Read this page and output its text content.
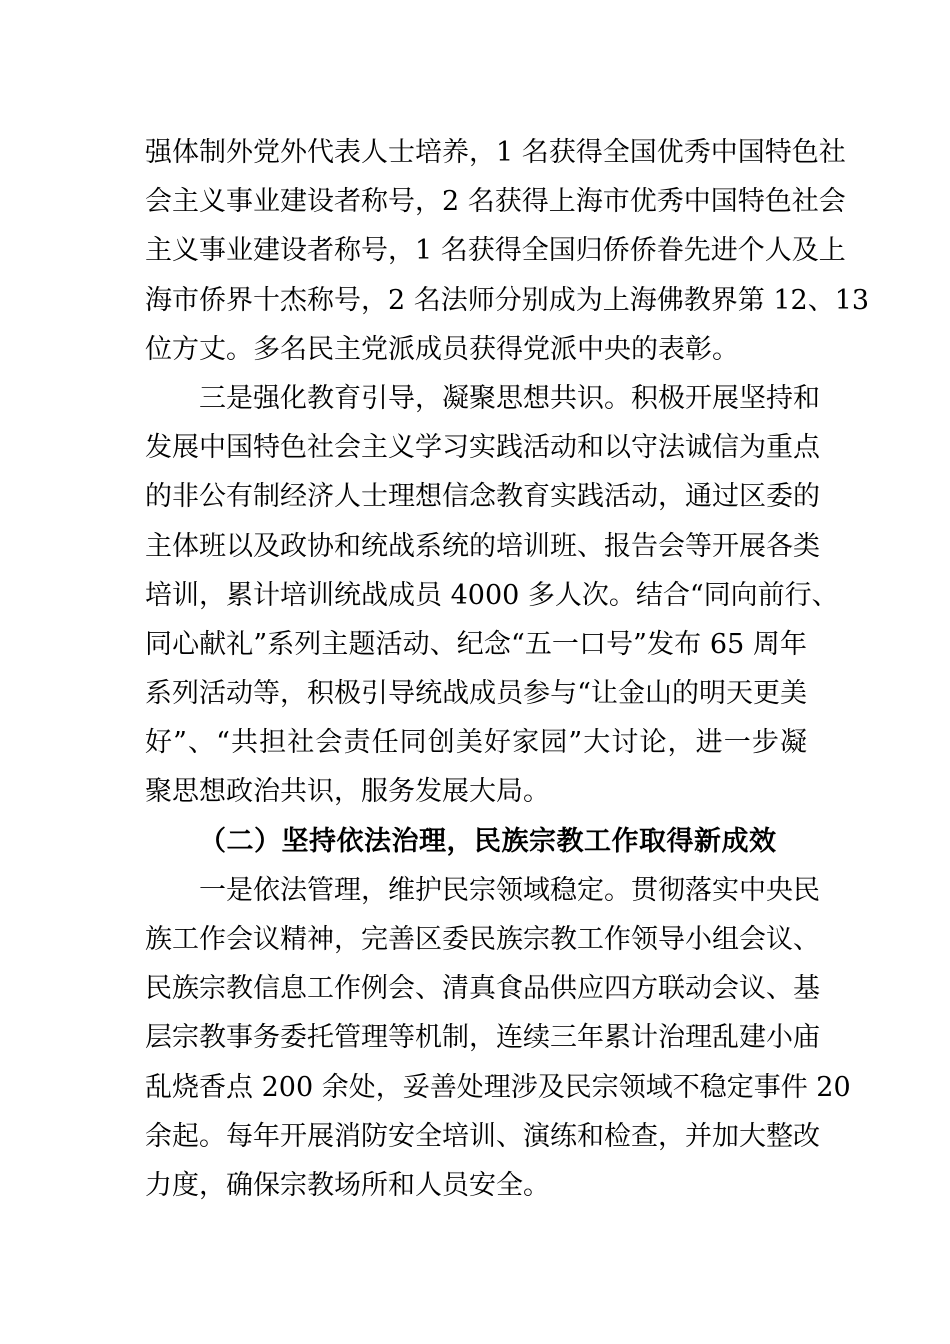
强体制外党外代表人士培养，1 名获得全国优秀中国特色社
会主义事业建设者称号，2 名获得上海市优秀中国特色社会
主义事业建设者称号，1 名获得全国归侨侨眷先进个人及上
海市侨界十杰称号，2 名法师分别成为上海佛教界第 12、13
位方丈。多名民主党派成员获得党派中央的表彰。
三是强化教育引导，凝聚思想共识。积极开展坚持和
发展中国特色社会主义学习实践活动和以守法诚信为重点
的非公有制经济人士理想信念教育实践活动，通过区委的
主体班以及政协和统战系统的培训班、报告会等开展各类
培训，累计培训统战成员 4000 多人次。结合“同向前行、
同心献礼”系列主题活动、纪念“五一口号”发布 65 周年
系列活动等，积极引导统战成员参与“让金山的明天更美
好”、“共担社会责任同创美好家园”大讨论，进一步凝
聚思想政治共识，服务发展大局。
（二）坚持依法治理，民族宗教工作取得新成效
一是依法管理，维护民宗领域稳定。贯彻落实中央民
族工作会议精神，完善区委民族宗教工作领导小组会议、
民族宗教信息工作例会、清真食品供应四方联动会议、基
层宗教事务委托管理等机制，连续三年累计治理乱建小庙
乱烧香点 200 余处，妥善处理涉及民宗领域不稳定事件 20
余起。每年开展消防安全培训、演练和检查，并加大整改
力度，确保宗教场所和人员安全。
